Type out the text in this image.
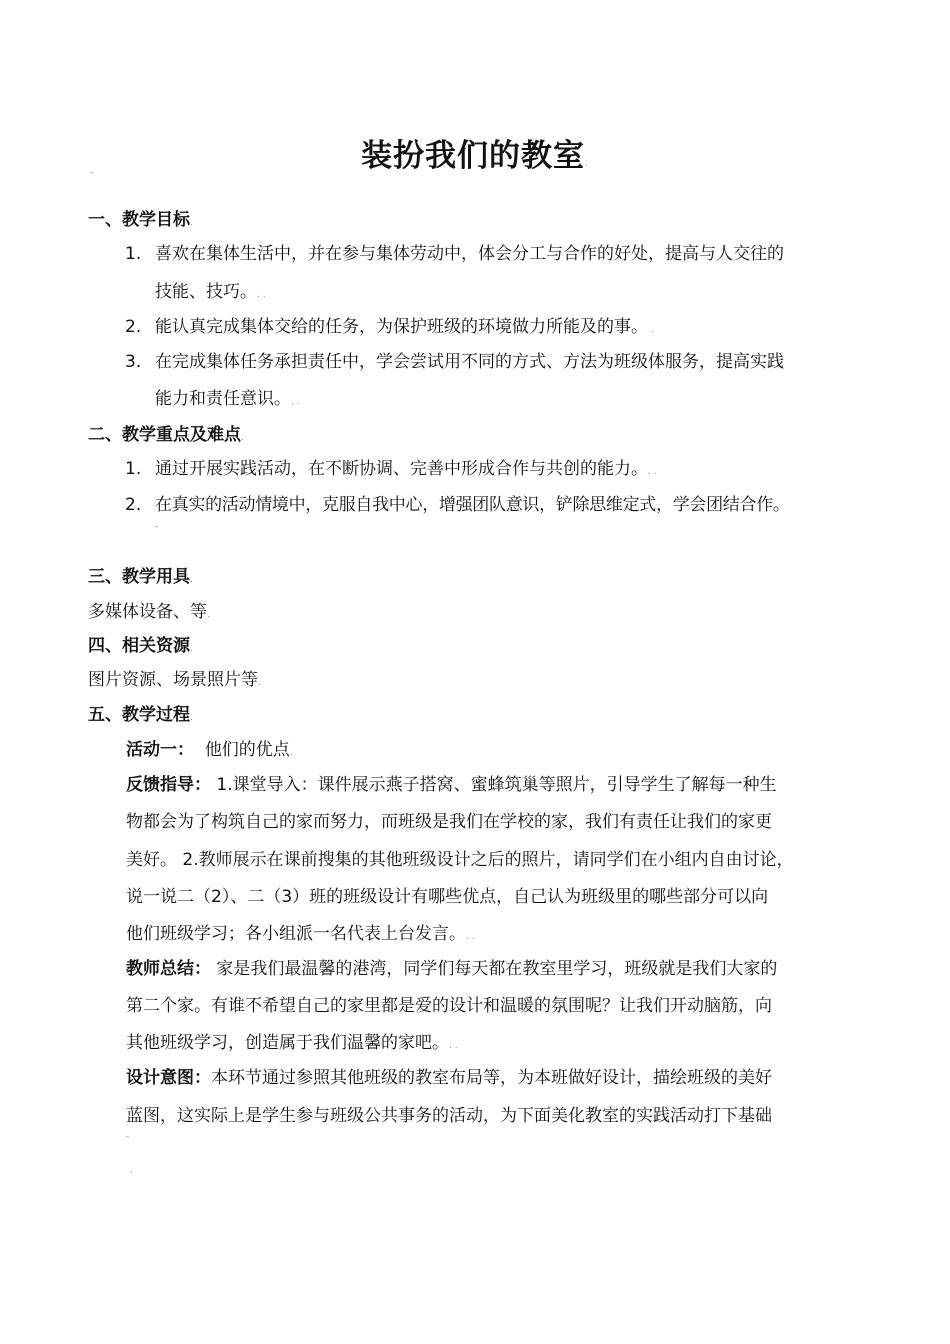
装扮我们的教室.
-
一、教学目标.
1. 喜欢在集体生活中，并在参与集体劳动中，体会分工与合作的好处，提高与人交往的
技能、技巧。. .
2. 能认真完成集体交给的任务，为保护班级的环境做力所能及的事。 .
3. 在完成集体任务承担责任中，学会尝试用不同的方式、方法为班级体服务，提高实践
能力和责任意识。. .
二、教学重点及难点.
1. 通过开展实践活动，在不断协调、完善中形成合作与共创的能力。. .
2. 在真实的活动情境中，克服自我中心，增强团队意识，铲除思维定式，学会团结合作。
-
三、教学用具.
多媒体设备、等.
四、相关资源.
图片资源、场景照片等.
五、教学过程.
活动一： 他们的优点.
反馈指导： 1.课堂导入：课件展示燕子搭窝、蜜蜂筑巢等照片，引导学生了解每一种生
物都会为了构筑自己的家而努力，而班级是我们在学校的家，我们有责任让我们的家更
美好。 2.教师展示在课前搜集的其他班级设计之后的照片，请同学们在小组内自由讨论，
说一说二（2）、二（3）班的班级设计有哪些优点，自己认为班级里的哪些部分可以向
他们班级学习；各小组派一名代表上台发言。. .
教师总结： 家是我们最温馨的港湾，同学们每天都在教室里学习，班级就是我们大家的
第二个家。有谁不希望自己的家里都是爱的设计和温暖的氛围呢？让我们开动脑筋，向
其他班级学习，创造属于我们温馨的家吧。. .
设计意图：本环节通过参照其他班级的教室布局等，为本班做好设计，描绘班级的美好
蓝图，这实际上是学生参与班级公共事务的活动，为下面美化教室的实践活动打下基础
-
.
